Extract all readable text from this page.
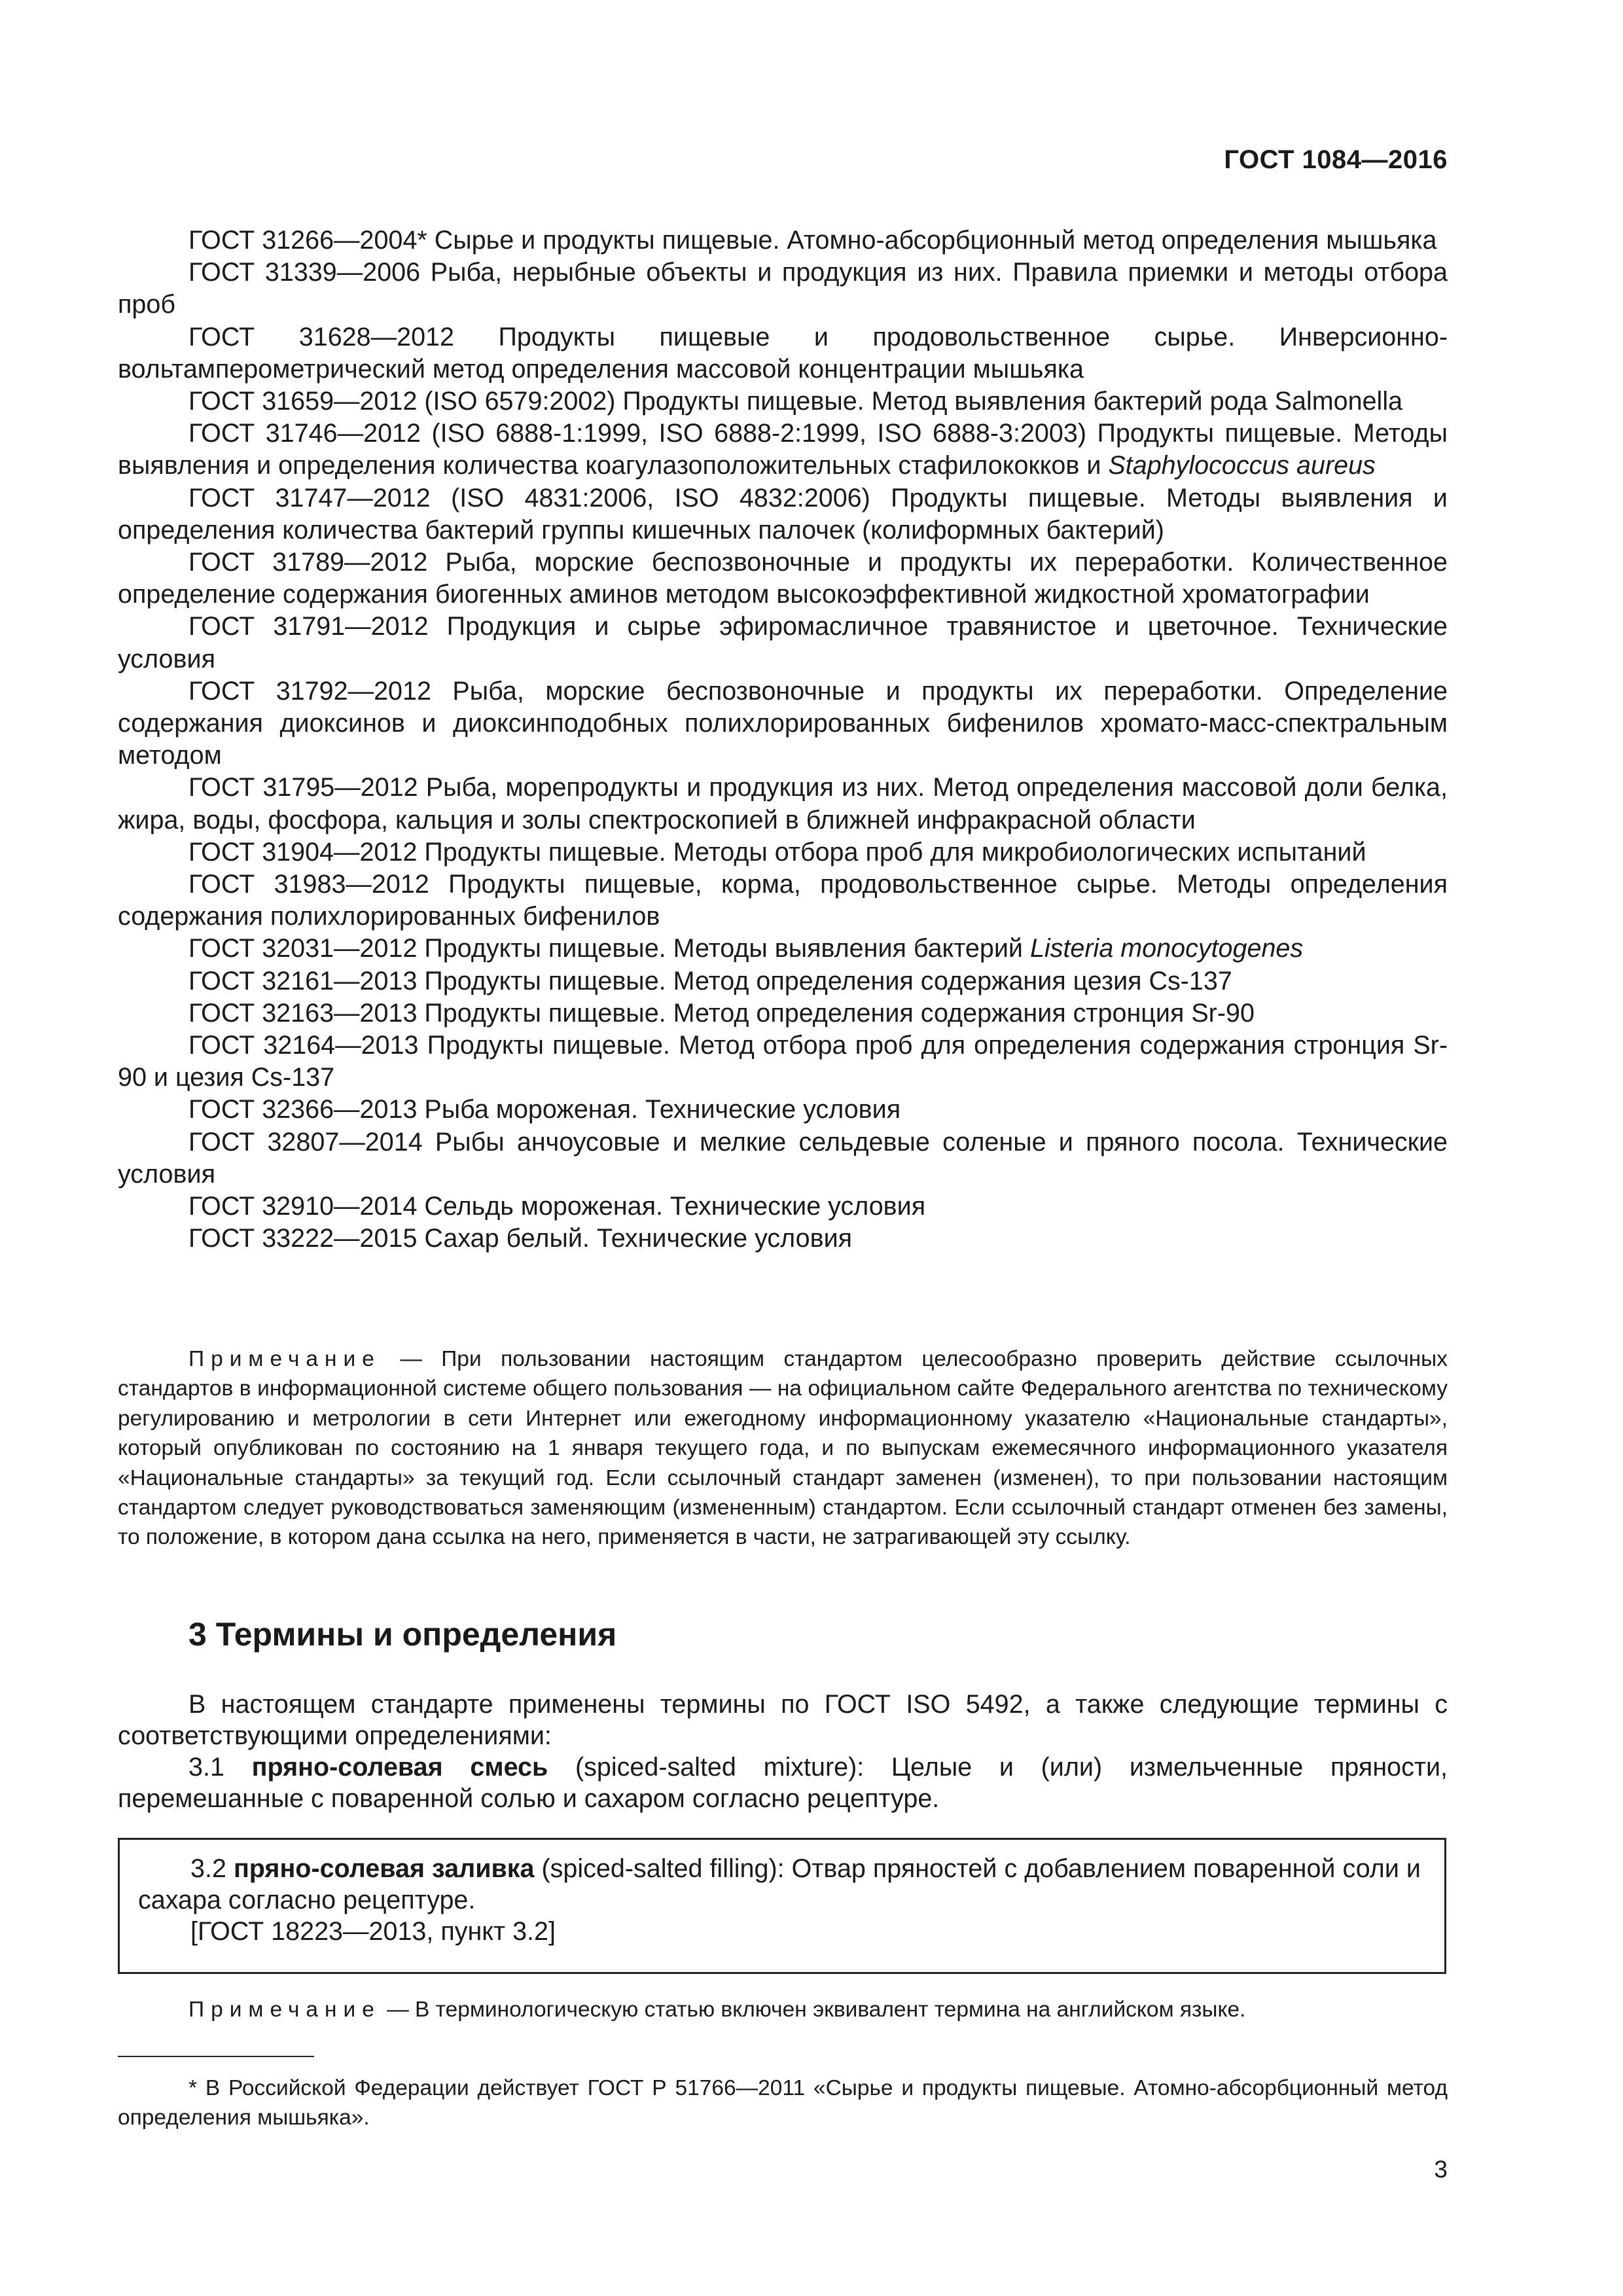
ГОСТ 1084—2016

ГОСТ 31266—2004* Сырье и продукты пищевые. Атомно-абсорбционный метод определения мышьяка

ГОСТ 31339—2006 Рыба, нерыбные объекты и продукция из них. Правила приемки и методы отбора проб

ГОСТ 31628—2012 Продукты пищевые и продовольственное сырье. Инверсионно-вольтамперометрический метод определения массовой концентрации мышьяка

ГОСТ 31659—2012 (ISO 6579:2002) Продукты пищевые. Метод выявления бактерий рода Salmonella

ГОСТ 31746—2012 (ISO 6888-1:1999, ISO 6888-2:1999, ISO 6888-3:2003) Продукты пищевые. Методы выявления и определения количества коагулазоположительных стафилококков и Staphylococcus aureus

ГОСТ 31747—2012 (ISO 4831:2006, ISO 4832:2006) Продукты пищевые. Методы выявления и определения количества бактерий группы кишечных палочек (колиформных бактерий)

ГОСТ 31789—2012 Рыба, морские беспозвоночные и продукты их переработки. Количественное определение содержания биогенных аминов методом высокоэффективной жидкостной хроматографии

ГОСТ 31791—2012 Продукция и сырье эфиромасличное травянистое и цветочное. Технические условия

ГОСТ 31792—2012 Рыба, морские беспозвоночные и продукты их переработки. Определение содержания диоксинов и диоксинподобных полихлорированных бифенилов хромато-масс-спектральным методом

ГОСТ 31795—2012 Рыба, морепродукты и продукция из них. Метод определения массовой доли белка, жира, воды, фосфора, кальция и золы спектроскопией в ближней инфракрасной области

ГОСТ 31904—2012 Продукты пищевые. Методы отбора проб для микробиологических испытаний

ГОСТ 31983—2012 Продукты пищевые, корма, продовольственное сырье. Методы определения содержания полихлорированных бифенилов

ГОСТ 32031—2012 Продукты пищевые. Методы выявления бактерий Listeria monocytogenes

ГОСТ 32161—2013 Продукты пищевые. Метод определения содержания цезия Cs-137

ГОСТ 32163—2013 Продукты пищевые. Метод определения содержания стронция Sr-90

ГОСТ 32164—2013 Продукты пищевые. Метод отбора проб для определения содержания стронция Sr-90 и цезия Cs-137

ГОСТ 32366—2013 Рыба мороженая. Технические условия

ГОСТ 32807—2014 Рыбы анчоусовые и мелкие сельдевые соленые и пряного посола. Технические условия

ГОСТ 32910—2014 Сельдь мороженая. Технические условия

ГОСТ 33222—2015 Сахар белый. Технические условия

Примечание — При пользовании настоящим стандартом целесообразно проверить действие ссылочных стандартов в информационной системе общего пользования — на официальном сайте Федерального агентства по техническому регулированию и метрологии в сети Интернет или ежегодному информационному указателю «Национальные стандарты», который опубликован по состоянию на 1 января текущего года, и по выпускам ежемесячного информационного указателя «Национальные стандарты» за текущий год. Если ссылочный стандарт заменен (изменен), то при пользовании настоящим стандартом следует руководствоваться заменяющим (измененным) стандартом. Если ссылочный стандарт отменен без замены, то положение, в котором дана ссылка на него, применяется в части, не затрагивающей эту ссылку.

3 Термины и определения

В настоящем стандарте применены термины по ГОСТ ISO 5492, а также следующие термины с соответствующими определениями:

3.1 пряно-солевая смесь (spiced-salted mixture): Целые и (или) измельченные пряности, перемешанные с поваренной солью и сахаром согласно рецептуре.

3.2 пряно-солевая заливка (spiced-salted filling): Отвар пряностей с добавлением поваренной соли и сахара согласно рецептуре.

[ГОСТ 18223—2013, пункт 3.2]

Примечание — В терминологическую статью включен эквивалент термина на английском языке.

* В Российской Федерации действует ГОСТ Р 51766—2011 «Сырье и продукты пищевые. Атомно-абсорбционный метод определения мышьяка».

3
